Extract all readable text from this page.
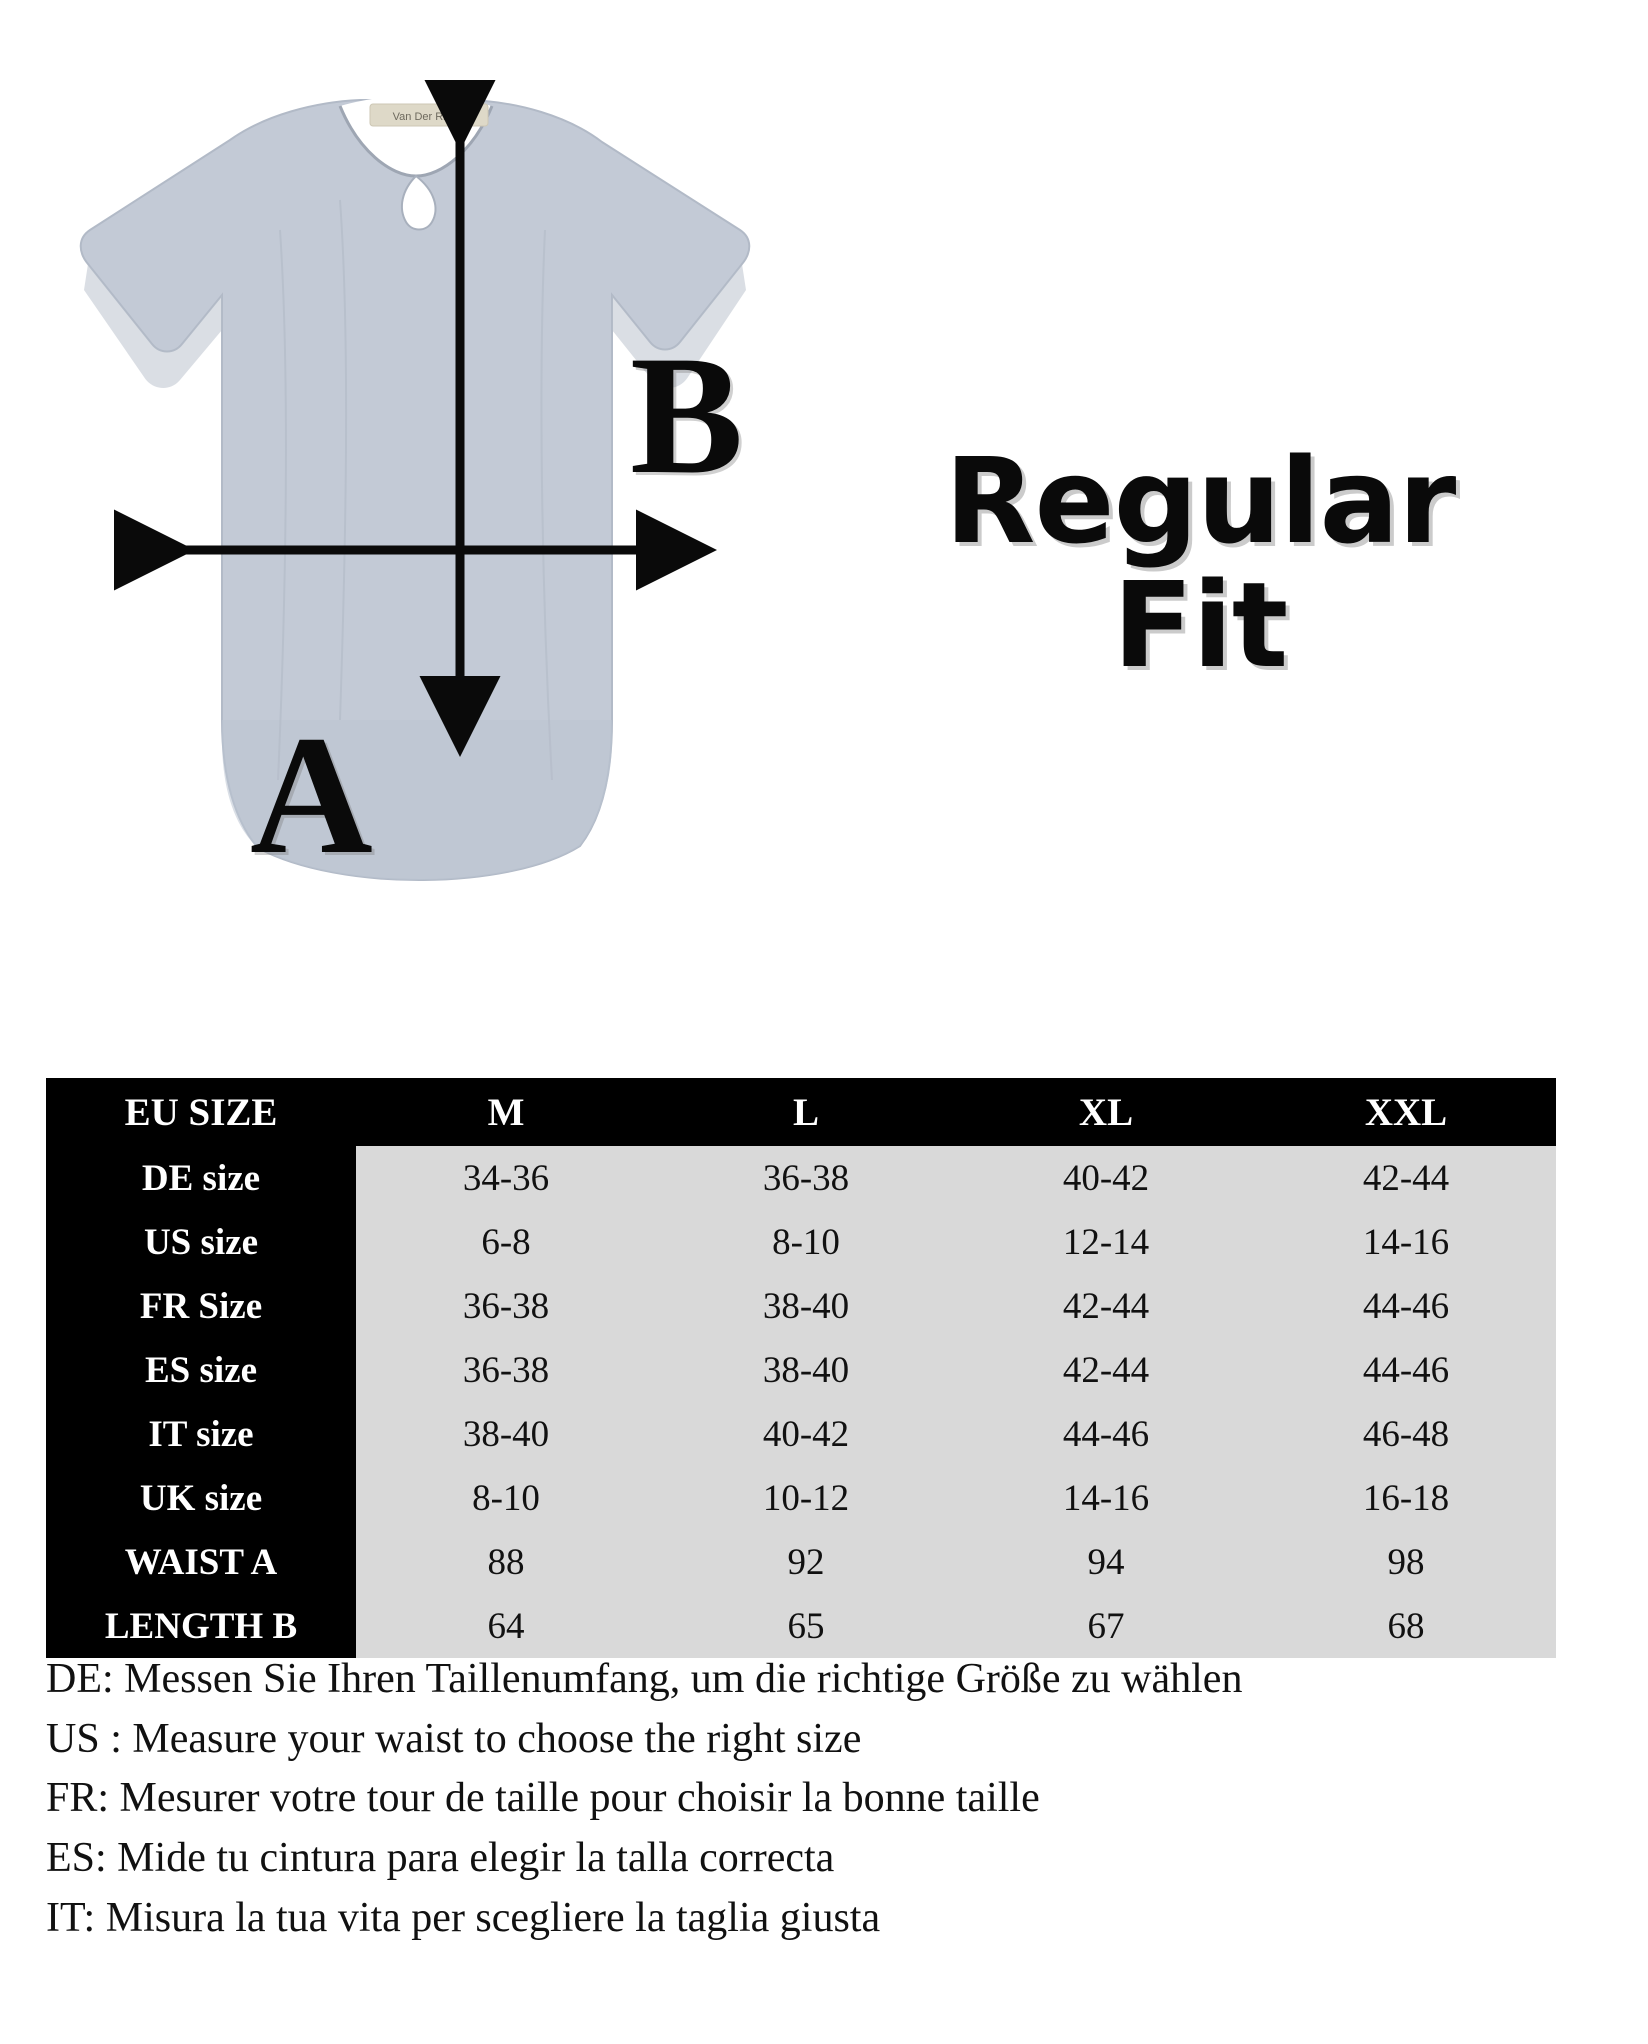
Van Der Rich®
A
B	Regular Fit
EU SIZE	M	L	XL	XXL
DE size	34-36	36-38	40-42	42-44
US size	6-8	8-10	12-14	14-16
FR Size	36-38	38-40	42-44	44-46
ES size	36-38	38-40	42-44	44-46
IT size	38-40	40-42	44-46	46-48
UK size	8-10	10-12	14-16	16-18
WAIST A	88	92	94	98
LENGTH B	64	65	67	68
DE: Messen Sie Ihren Taillenumfang, um die richtige Größe zu wählen
US : Measure your waist to choose the right size
FR: Mesurer votre tour de taille pour choisir la bonne taille
ES: Mide tu cintura para elegir la talla correcta
IT: Misura la tua vita per scegliere la taglia giusta
